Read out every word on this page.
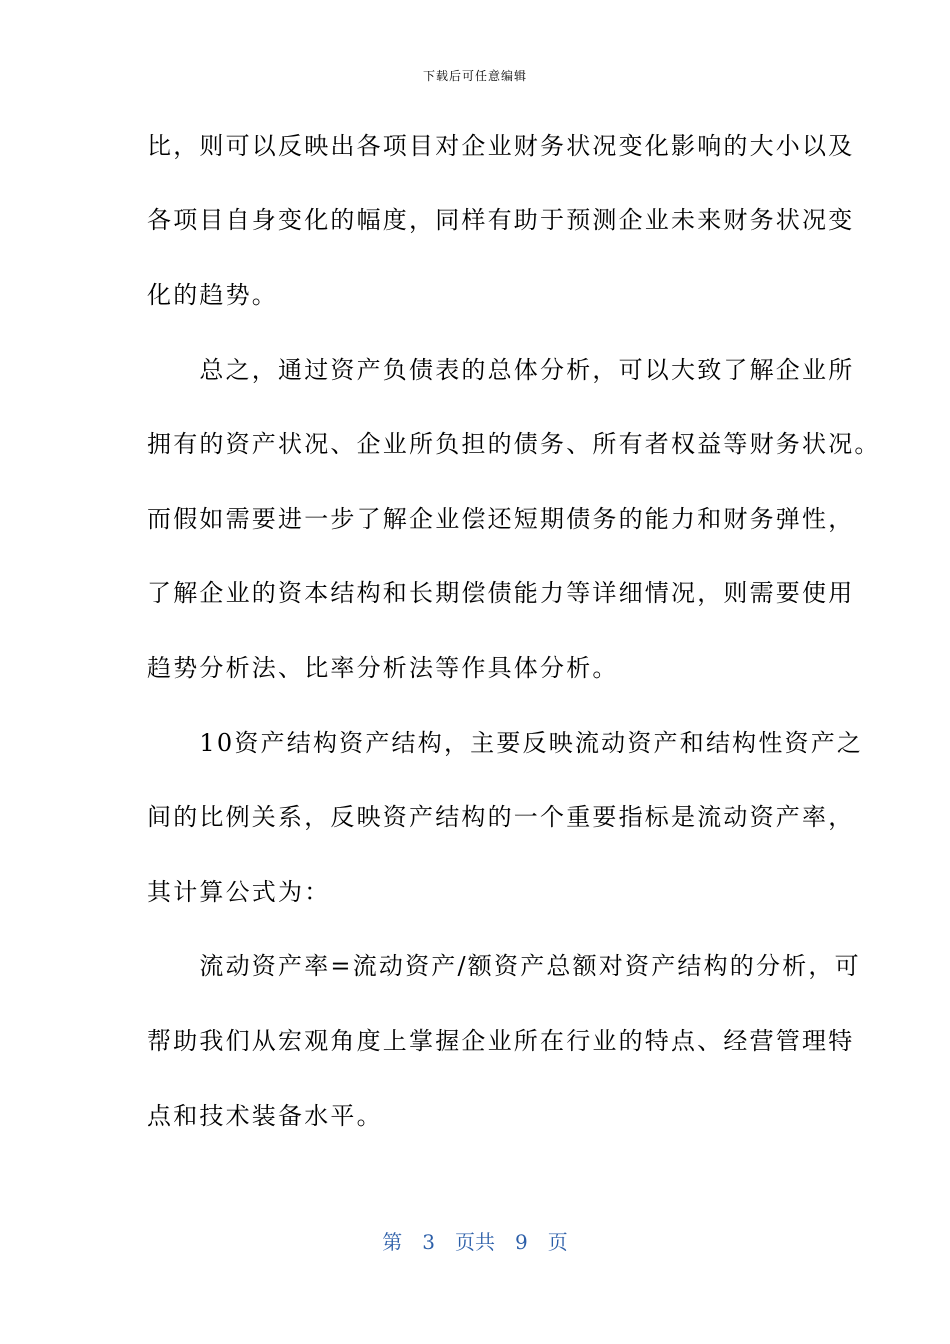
下载后可任意编辑
比，则可以反映出各项目对企业财务状况变化影响的大小以及
各项目自身变化的幅度，同样有助于预测企业未来财务状况变
化的趋势。
　　总之，通过资产负债表的总体分析，可以大致了解企业所
拥有的资产状况、企业所负担的债务、所有者权益等财务状况。
而假如需要进一步了解企业偿还短期债务的能力和财务弹性，
了解企业的资本结构和长期偿债能力等详细情况，则需要使用
趋势分析法、比率分析法等作具体分析。
　　10资产结构资产结构，主要反映流动资产和结构性资产之
间的比例关系，反映资产结构的一个重要指标是流动资产率，
其计算公式为：
　　流动资产率=流动资产/额资产总额对资产结构的分析，可
帮助我们从宏观角度上掌握企业所在行业的特点、经营管理特
点和技术装备水平。
第　3　页共　9　页
